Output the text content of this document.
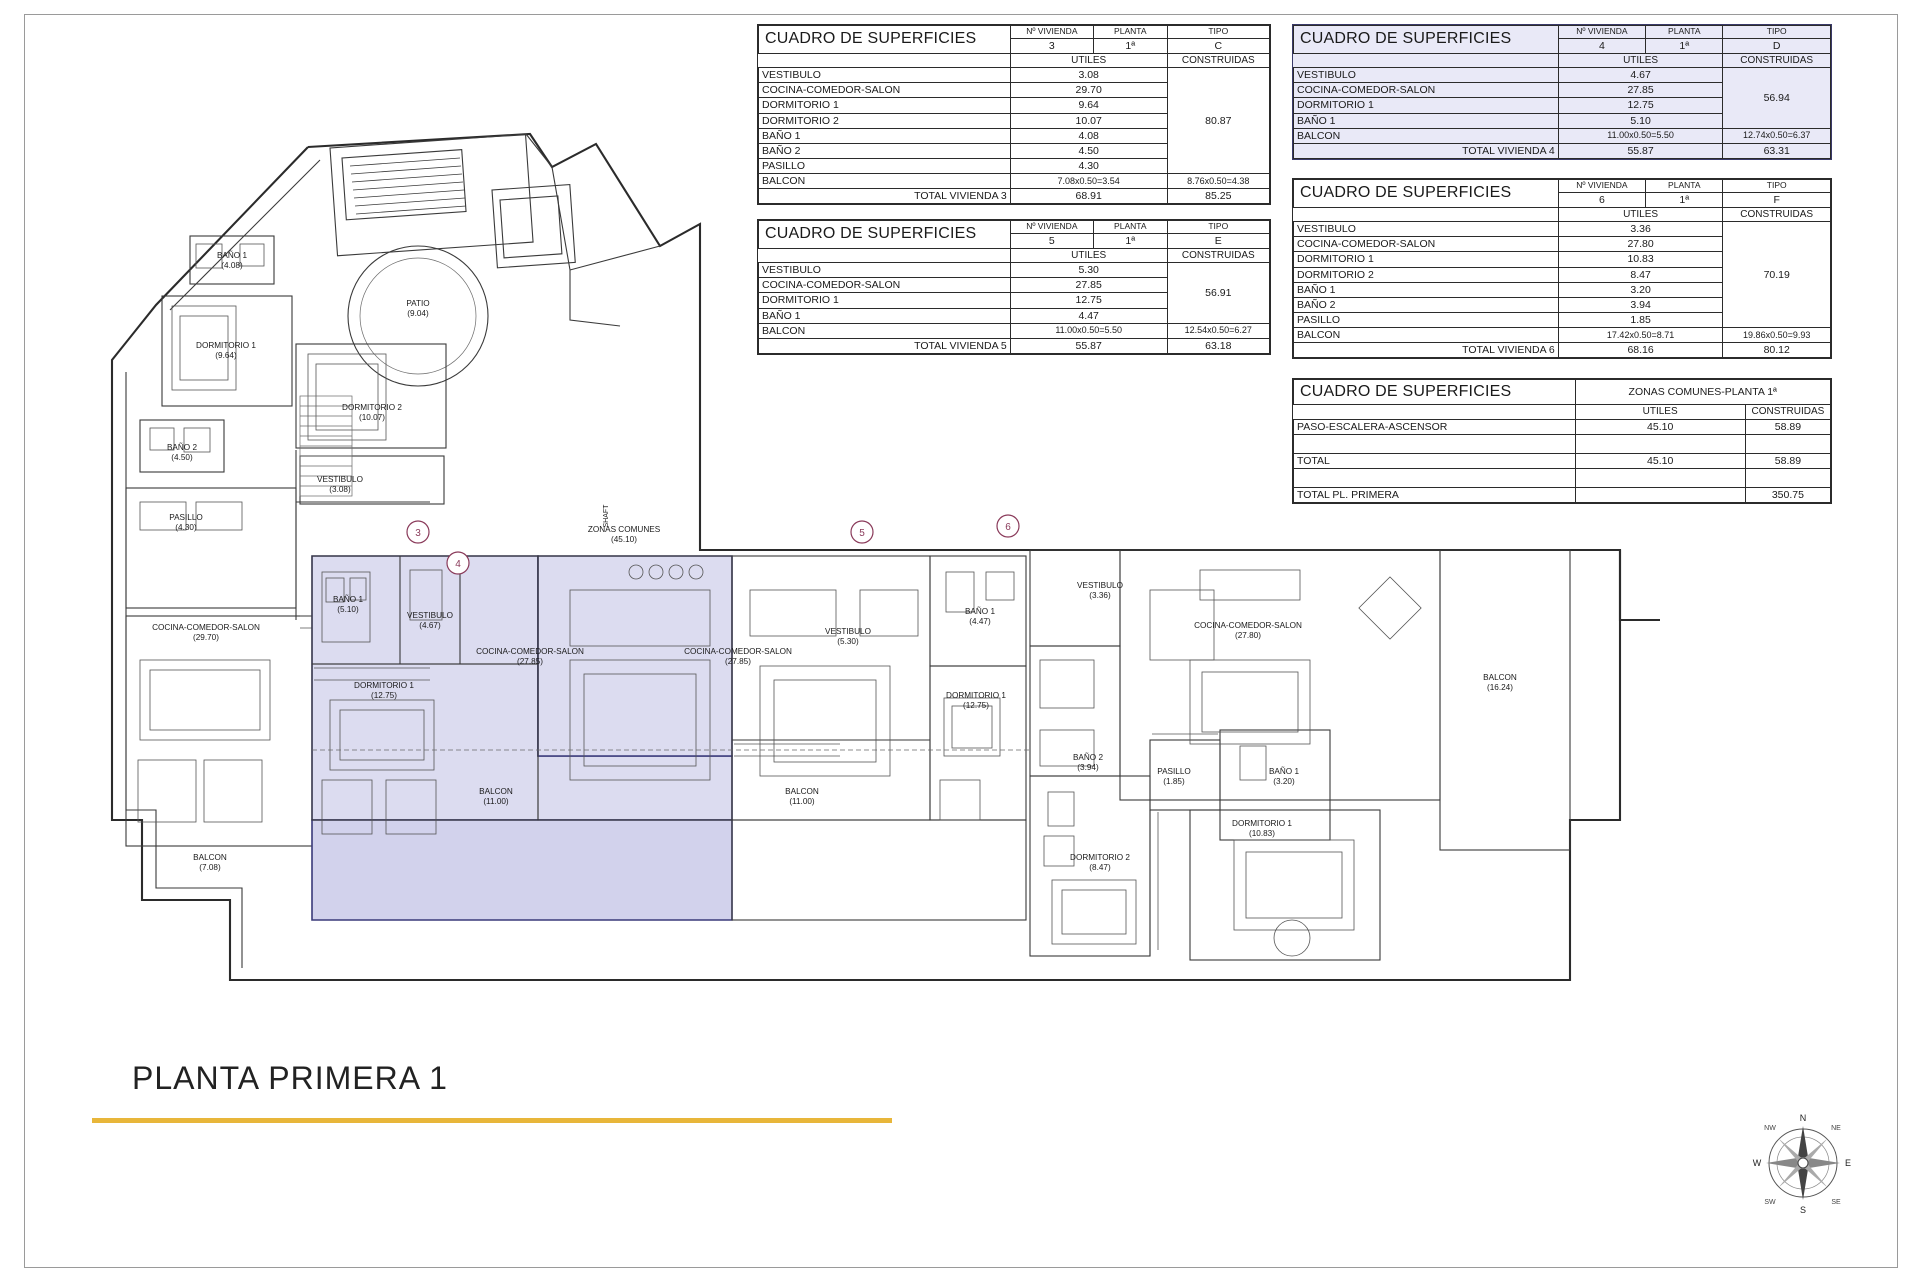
CUADRO DE SUPERFICIES	Nº VIVIENDA	PLANTA	TIPO
	3	1ª	C
	UTILES		CONSTRUIDAS
VESTIBULO	3.08		80.87
COCINA-COMEDOR-SALON	29.70		
DORMITORIO 1	9.64		
DORMITORIO 2	10.07		
BAÑO 1	4.08		
BAÑO 2	4.50		
PASILLO	4.30		
BALCON	7.08x0.50=3.54		8.76x0.50=4.38
TOTAL VIVIENDA 3	68.91		85.25
CUADRO DE SUPERFICIES	Nº VIVIENDA	PLANTA	TIPO
	5	1ª	E
	UTILES		CONSTRUIDAS
VESTIBULO	5.30		56.91
COCINA-COMEDOR-SALON	27.85		
DORMITORIO 1	12.75		
BAÑO 1	4.47		
BALCON	11.00x0.50=5.50		12.54x0.50=6.27
TOTAL VIVIENDA 5	55.87		63.18
CUADRO DE SUPERFICIES	Nº VIVIENDA	PLANTA	TIPO
	4	1ª	D
	UTILES		CONSTRUIDAS
VESTIBULO	4.67		56.94
COCINA-COMEDOR-SALON	27.85		
DORMITORIO 1	12.75		
BAÑO 1	5.10		
BALCON	11.00x0.50=5.50		12.74x0.50=6.37
TOTAL VIVIENDA 4	55.87		63.31
CUADRO DE SUPERFICIES	Nº VIVIENDA	PLANTA	TIPO
	6	1ª	F
	UTILES		CONSTRUIDAS
VESTIBULO	3.36		70.19
COCINA-COMEDOR-SALON	27.80		
DORMITORIO 1	10.83		
DORMITORIO 2	8.47		
BAÑO 1	3.20		
BAÑO 2	3.94		
PASILLO	1.85		
BALCON	17.42x0.50=8.71		19.86x0.50=9.93
TOTAL VIVIENDA 6	68.16		80.12
CUADRO DE SUPERFICIES	ZONAS COMUNES-PLANTA 1ª	
	UTILES	CONSTRUIDAS
PASO-ESCALERA-ASCENSOR	45.10	58.89

TOTAL	45.10	58.89

TOTAL PL. PRIMERA		350.75
PATIO
(9.04)
BAÑO 1
(4.08)
DORMITORIO 1
(9.64)
DORMITORIO 2
(10.07)
BAÑO 2
(4.50)
PASILLO
(4.30)
VESTIBULO
(3.08)
COCINA-COMEDOR-SALON
(29.70)
BALCON
(7.08)
BAÑO 1
(5.10)
VESTIBULO
(4.67)
DORMITORIO 1
(12.75)
COCINA-COMEDOR-SALON
(27.85)
BALCON
(11.00)
VESTIBULO
(5.30)
BAÑO 1
(4.47)
DORMITORIO 1
(12.75)
COCINA-COMEDOR-SALON
(27.85)
BALCON
(11.00)
VESTIBULO
(3.36)
COCINA-COMEDOR-SALON
(27.80)
BAÑO 2
(3.94)	PASILLO
(1.85)
BAÑO 1
(3.20)
DORMITORIO 1
(10.83)
DORMITORIO 2
(8.47)
BALCON
(16.24)
ZONAS COMUNES
(45.10)
3
4
5
6
SHAFT
PLANTA PRIMERA 1
N
S
E
W
NE
NW
SE
SW
